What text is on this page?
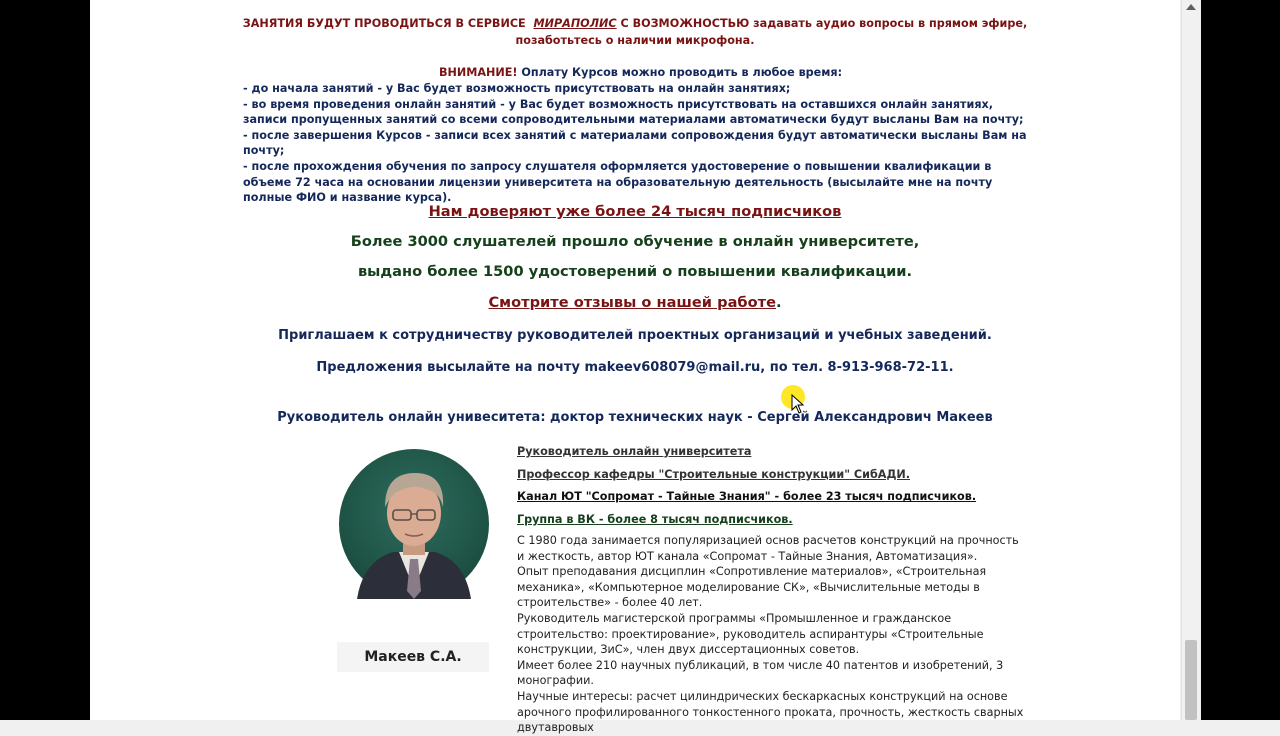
ЗАНЯТИЯ БУДУТ ПРОВОДИТЬСЯ В СЕРВИСЕ МИРАПОЛИС С ВОЗМОЖНОСТЬЮ задавать аудио вопросы в прямом эфире,
позаботьтесь о наличии микрофона.
ВНИМАНИЕ! Оплату Курсов можно проводить в любое время:
- до начала занятий - у Вас будет возможность присутствовать на онлайн занятиях;
- во время проведения онлайн занятий - у Вас будет возможность присутствовать на оставшихся онлайн занятиях, записи пропущенных занятий со всеми сопроводительными материалами автоматически будут высланы Вам на почту;
- после завершения Курсов - записи всех занятий с материалами сопровождения будут автоматически высланы Вам на почту;
- после прохождения обучения по запросу слушателя оформляется удостоверение о повышении квалификации в объеме 72 часа на основании лицензии университета на образовательную деятельность (высылайте мне на почту полные ФИО и название курса).
Нам доверяют уже более 24 тысяч подписчиков
Более 3000 слушателей прошло обучение в онлайн университете,
выдано более 1500 удостоверений о повышении квалификации.
Смотрите отзывы о нашей работе.
Приглашаем к сотрудничеству руководителей проектных организаций и учебных заведений.
Предложения высылайте на почту makeev608079@mail.ru, по тел. 8-913-968-72-11.
Руководитель онлайн унивеситета: доктор технических наук - Сергей Александрович Макеев
Макеев С.А.
Руководитель онлайн университета
Профессор кафедры "Строительные конструкции" СибАДИ.
Канал ЮТ "Сопромат - Тайные Знания" - более 23 тысяч подписчиков.
Группа в ВК - более 8 тысяч подписчиков.

С 1980 года занимается популяризацией основ расчетов конструкций на прочность и жесткость, автор ЮТ канала «Сопромат - Тайные Знания, Автоматизация».

Опыт преподавания дисциплин «Сопротивление материалов», «Строительная механика», «Компьютерное моделирование СК», «Вычислительные методы в строительстве» - более 40 лет.

Руководитель магистерской программы «Промышленное и гражданское строительство: проектирование», руководитель аспирантуры «Строительные конструкции, ЗиС», член двух диссертационных советов.

Имеет более 210 научных публикаций, в том числе 40 патентов и изобретений, 3 монографии.

Научные интересы: расчет цилиндрических бескаркасных конструкций на основе арочного профилированного тонкостенного проката, прочность, жесткость сварных двутавровых
